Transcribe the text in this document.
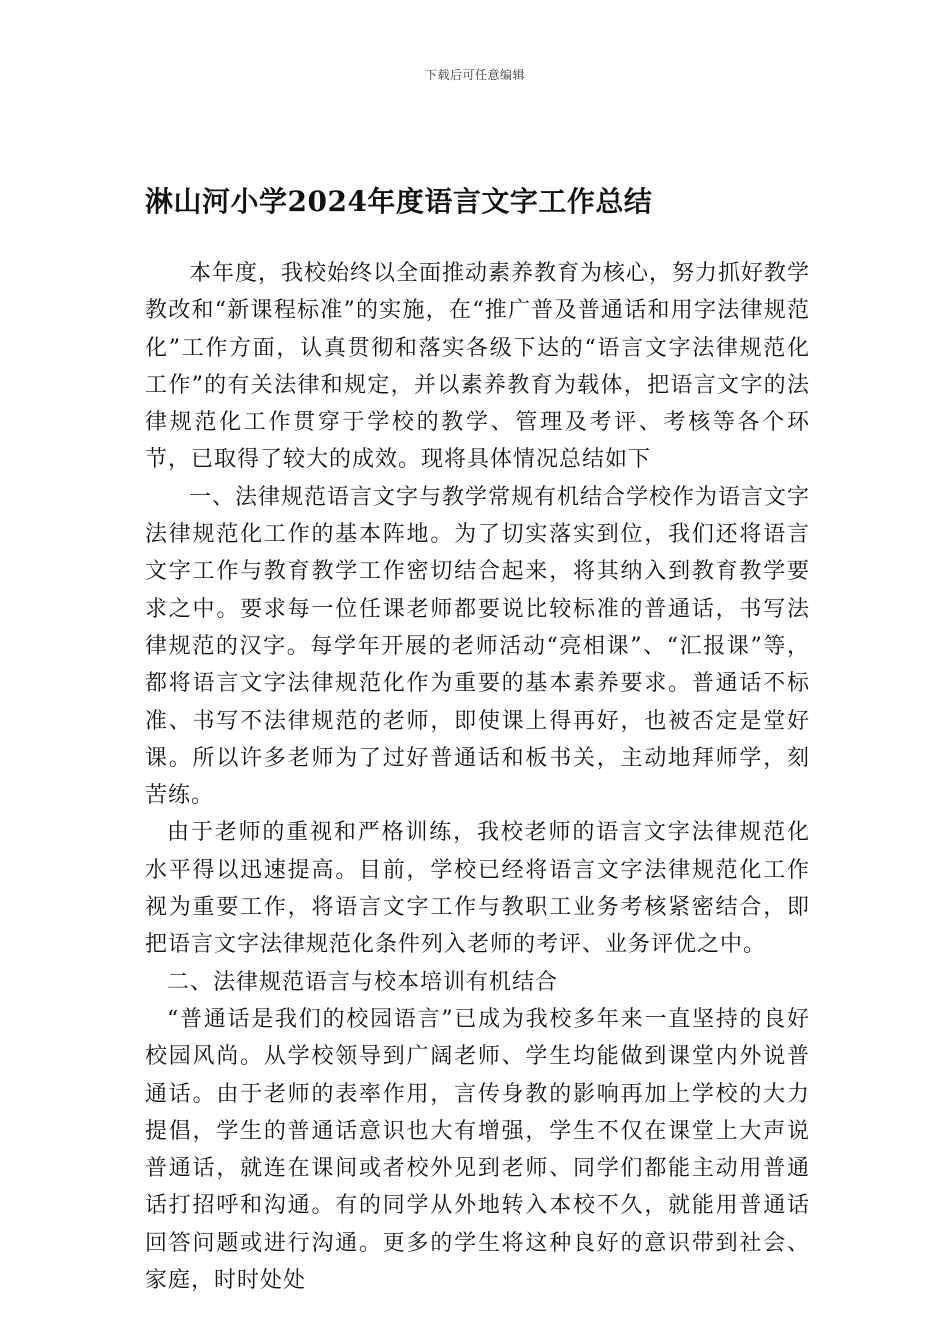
下载后可任意编辑
淋山河小学2024年度语言文字工作总结

本年度，我校始终以全面推动素养教育为核心，努力抓好教学教改和“新课程标准”的实施，在“推广普及普通话和用字法律规范化”工作方面，认真贯彻和落实各级下达的“语言文字法律规范化工作”的有关法律和规定，并以素养教育为载体，把语言文字的法律规范化工作贯穿于学校的教学、管理及考评、考核等各个环节，已取得了较大的成效。现将具体情况总结如下

一、法律规范语言文字与教学常规有机结合学校作为语言文字法律规范化工作的基本阵地。为了切实落实到位，我们还将语言文字工作与教育教学工作密切结合起来，将其纳入到教育教学要求之中。要求每一位任课老师都要说比较标准的普通话，书写法律规范的汉字。每学年开展的老师活动“亮相课”、“汇报课”等，都将语言文字法律规范化作为重要的基本素养要求。普通话不标准、书写不法律规范的老师，即使课上得再好，也被否定是堂好课。所以许多老师为了过好普通话和板书关，主动地拜师学，刻苦练。

由于老师的重视和严格训练，我校老师的语言文字法律规范化水平得以迅速提高。目前，学校已经将语言文字法律规范化工作视为重要工作，将语言文字工作与教职工业务考核紧密结合，即把语言文字法律规范化条件列入老师的考评、业务评优之中。

二、法律规范语言与校本培训有机结合

“普通话是我们的校园语言”已成为我校多年来一直坚持的良好校园风尚。从学校领导到广阔老师、学生均能做到课堂内外说普通话。由于老师的表率作用，言传身教的影响再加上学校的大力提倡，学生的普通话意识也大有增强，学生不仅在课堂上大声说普通话，就连在课间或者校外见到老师、同学们都能主动用普通话打招呼和沟通。有的同学从外地转入本校不久，就能用普通话回答问题或进行沟通。更多的学生将这种良好的意识带到社会、家庭，时时处处
